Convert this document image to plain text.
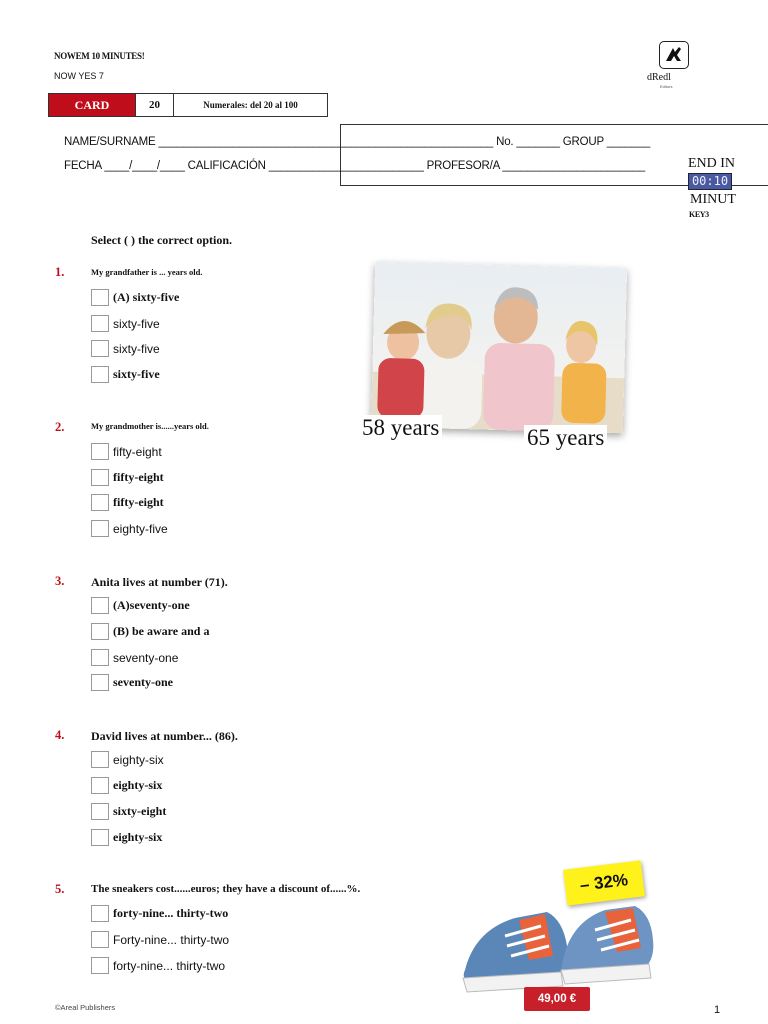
NOWEM 10 MINUTES!
NOW YES 7	dRedl
Editors
CARD	20	Numerales: del 20 al 100
NAME/SURNAME ______________________________________________________ No. _______ GROUP _______
FECHA ____/____/____ CALIFICACIÓN _________________________ PROFESOR/A _______________________	END IN
00:10
MINUT
KEY3
Select ( ) the correct option.
1.	My grandfather is ... years old.
(A) sixty-five
sixty-five
sixty-five
sixty-five
2.	My grandmother is......years old.
fifty-eight
fifty-eight
fifty-eight
eighty-five
3. Anita lives at number (71).
(A)seventy-one
(B) be aware and a
seventy-one
seventy-one
4. David lives at number... (86).
eighty-six
eighty-six
sixty-eight
eighty-six
5. The sneakers cost......euros; they have a discount of......%.
forty-nine... thirty-two
Forty-nine... thirty-two
forty-nine... thirty-two
58 years	65 years
– 32%
49,00 €
©Areal Publishers	1
